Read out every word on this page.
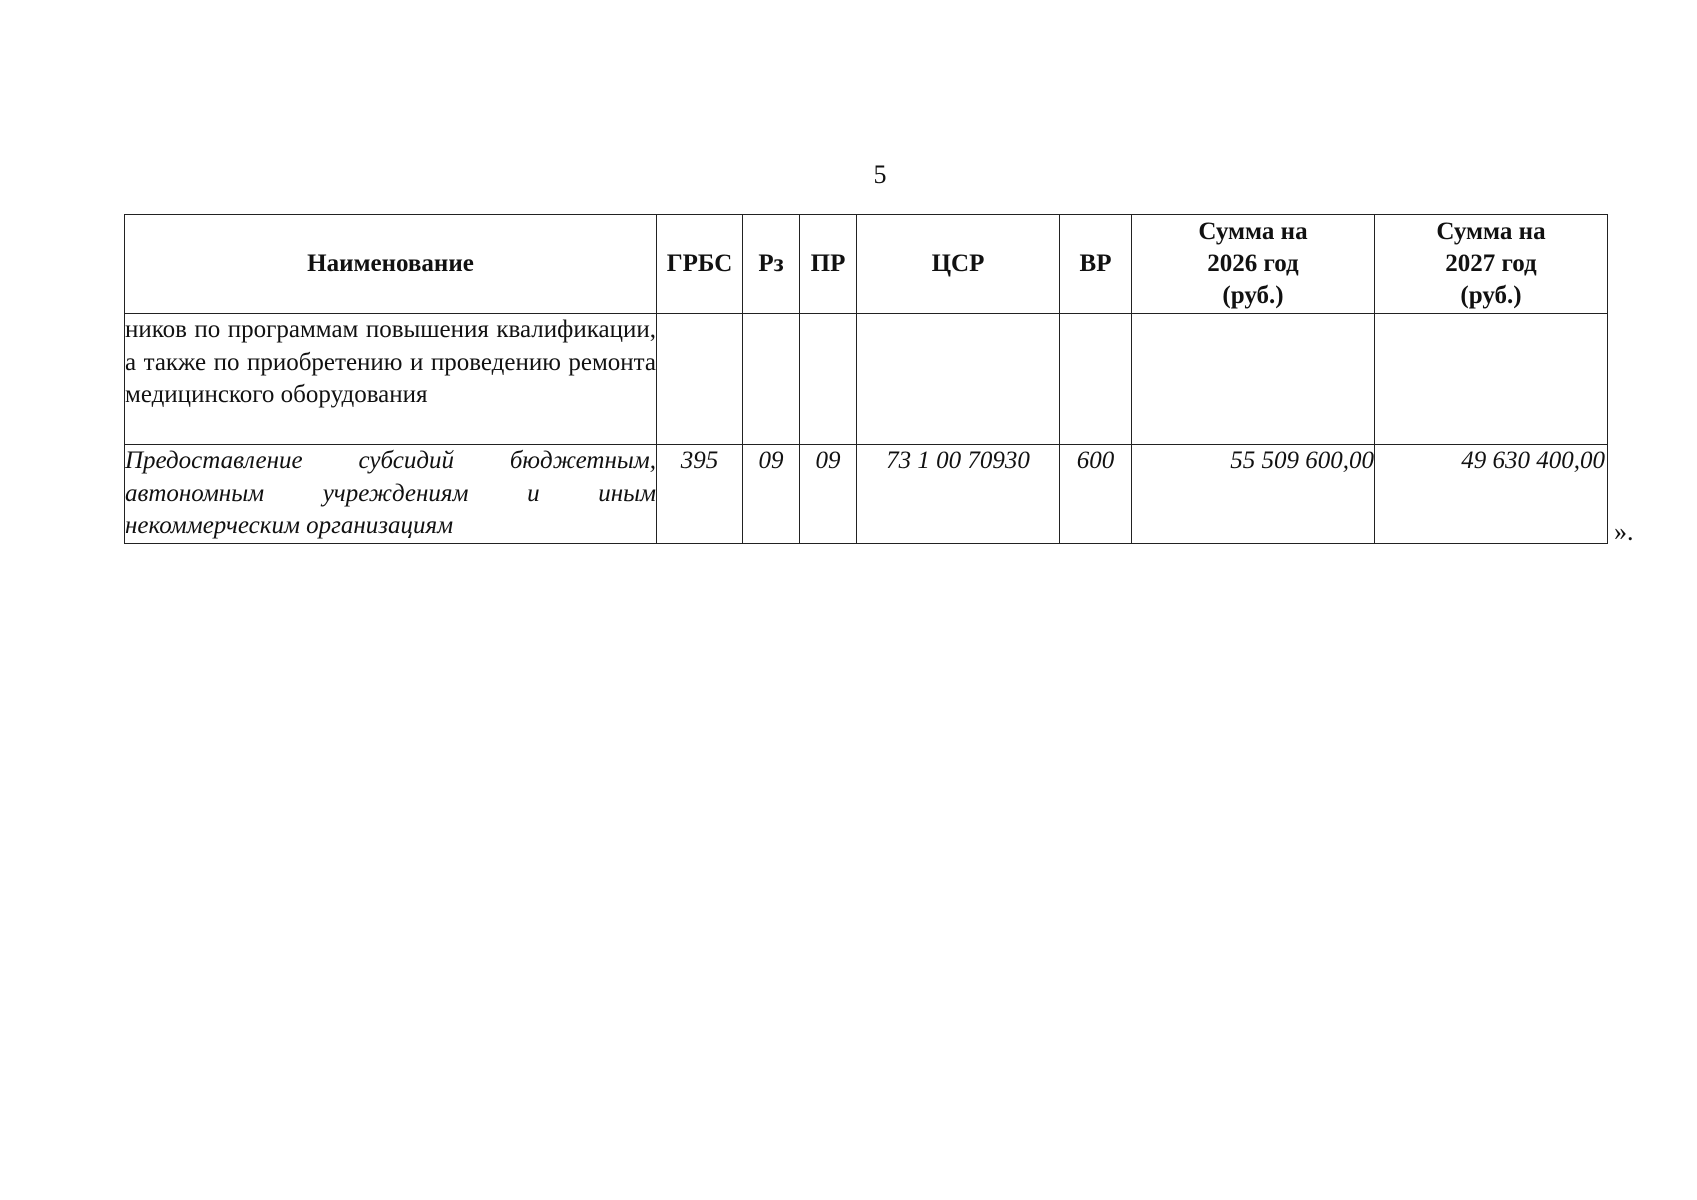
5
Наименование	ГРБС	Рз	ПР	ЦСР	ВР	Сумма на
2026 год
(руб.)	Сумма на
2027 год
(руб.)

ников по программам повышения квалификации, а также по приобретению и проведению ремонта медицинского оборудования							
Предоставление субсидий бюджетным, автономным учреждениям и иным некоммерческим организациям	395	09	09	73 1 00 70930	600	55 509 600,00	49 630 400,00
».
